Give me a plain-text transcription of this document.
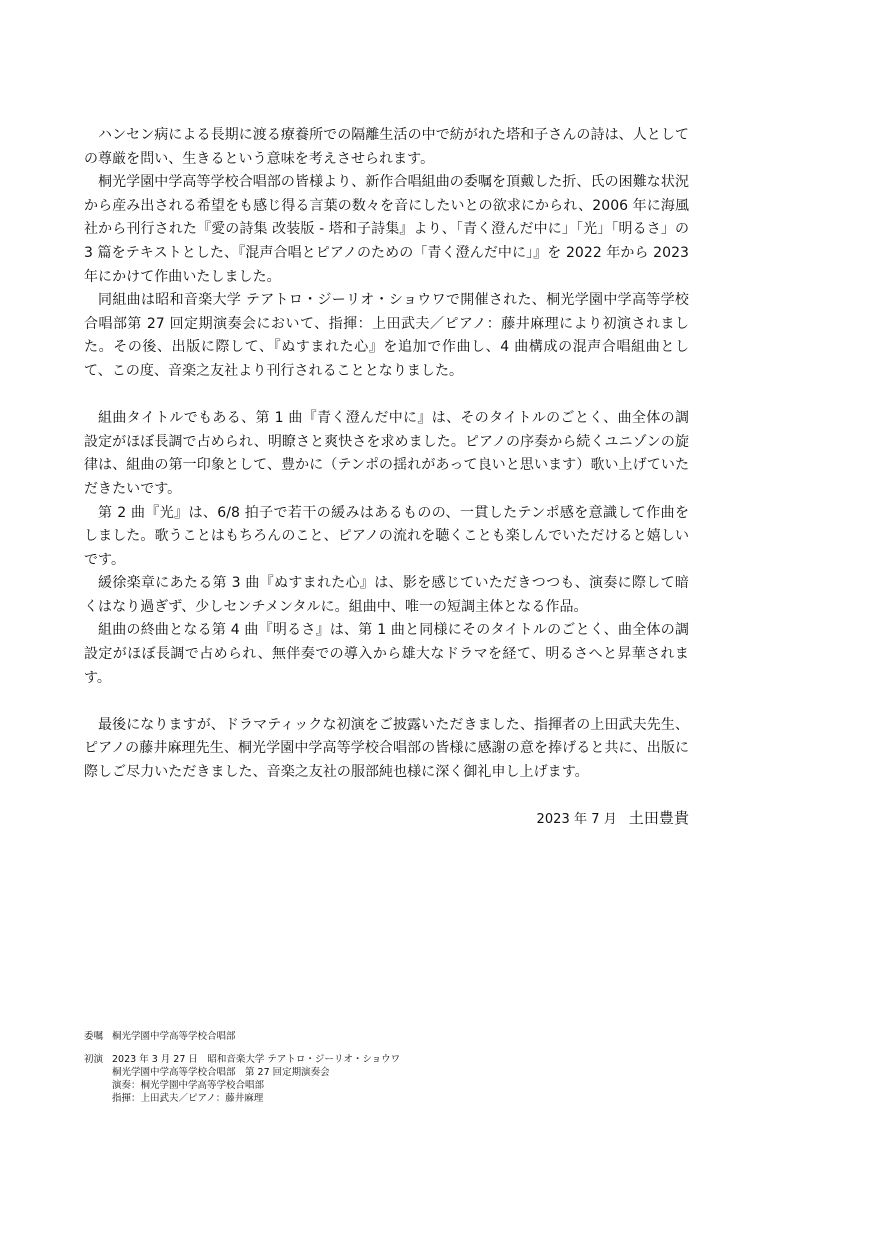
ハンセン病による長期に渡る療養所での隔離生活の中で紡がれた塔和子さんの詩は、人としての尊厳を問い、生きるという意味を考えさせられます。

桐光学園中学高等学校合唱部の皆様より、新作合唱組曲の委嘱を頂戴した折、氏の困難な状況から産み出される希望をも感じ得る言葉の数々を音にしたいとの欲求にかられ、2006 年に海風社から刊行された『愛の詩集 改装版 - 塔和子詩集』より、「青く澄んだ中に」「光」「明るさ」の 3 篇をテキストとした、『混声合唱とピアノのための「青く澄んだ中に」』を 2022 年から 2023 年にかけて作曲いたしました。

同組曲は昭和音楽大学 テアトロ・ジーリオ・ショウワで開催された、桐光学園中学高等学校合唱部第 27 回定期演奏会において、指揮：上田武夫／ピアノ：藤井麻理により初演されました。その後、出版に際して、『ぬすまれた心』を追加で作曲し、4 曲構成の混声合唱組曲として、この度、音楽之友社より刊行されることとなりました。

組曲タイトルでもある、第 1 曲『青く澄んだ中に』は、そのタイトルのごとく、曲全体の調設定がほぼ長調で占められ、明瞭さと爽快さを求めました。ピアノの序奏から続くユニゾンの旋律は、組曲の第一印象として、豊かに（テンポの揺れがあって良いと思います）歌い上げていただきたいです。

第 2 曲『光』は、6/8 拍子で若干の緩みはあるものの、一貫したテンポ感を意識して作曲をしました。歌うことはもちろんのこと、ピアノの流れを聴くことも楽しんでいただけると嬉しいです。

緩徐楽章にあたる第 3 曲『ぬすまれた心』は、影を感じていただきつつも、演奏に際して暗くはなり過ぎず、少しセンチメンタルに。組曲中、唯一の短調主体となる作品。

組曲の終曲となる第 4 曲『明るさ』は、第 1 曲と同様にそのタイトルのごとく、曲全体の調設定がほぼ長調で占められ、無伴奏での導入から雄大なドラマを経て、明るさへと昇華されます。

最後になりますが、ドラマティックな初演をご披露いただきました、指揮者の上田武夫先生、ピアノの藤井麻理先生、桐光学園中学高等学校合唱部の皆様に感謝の意を捧げると共に、出版に際しご尽力いただきました、音楽之友社の服部純也様に深く御礼申し上げます。

2023 年 7 月 土田豊貴
委嘱 桐光学園中学高等学校合唱部
初演 2023 年 3 月 27 日　昭和音楽大学 テアトロ・ジーリオ・ショウワ
桐光学園中学高等学校合唱部　第 27 回定期演奏会
演奏：桐光学園中学高等学校合唱部
指揮：上田武夫／ピアノ：藤井麻理
